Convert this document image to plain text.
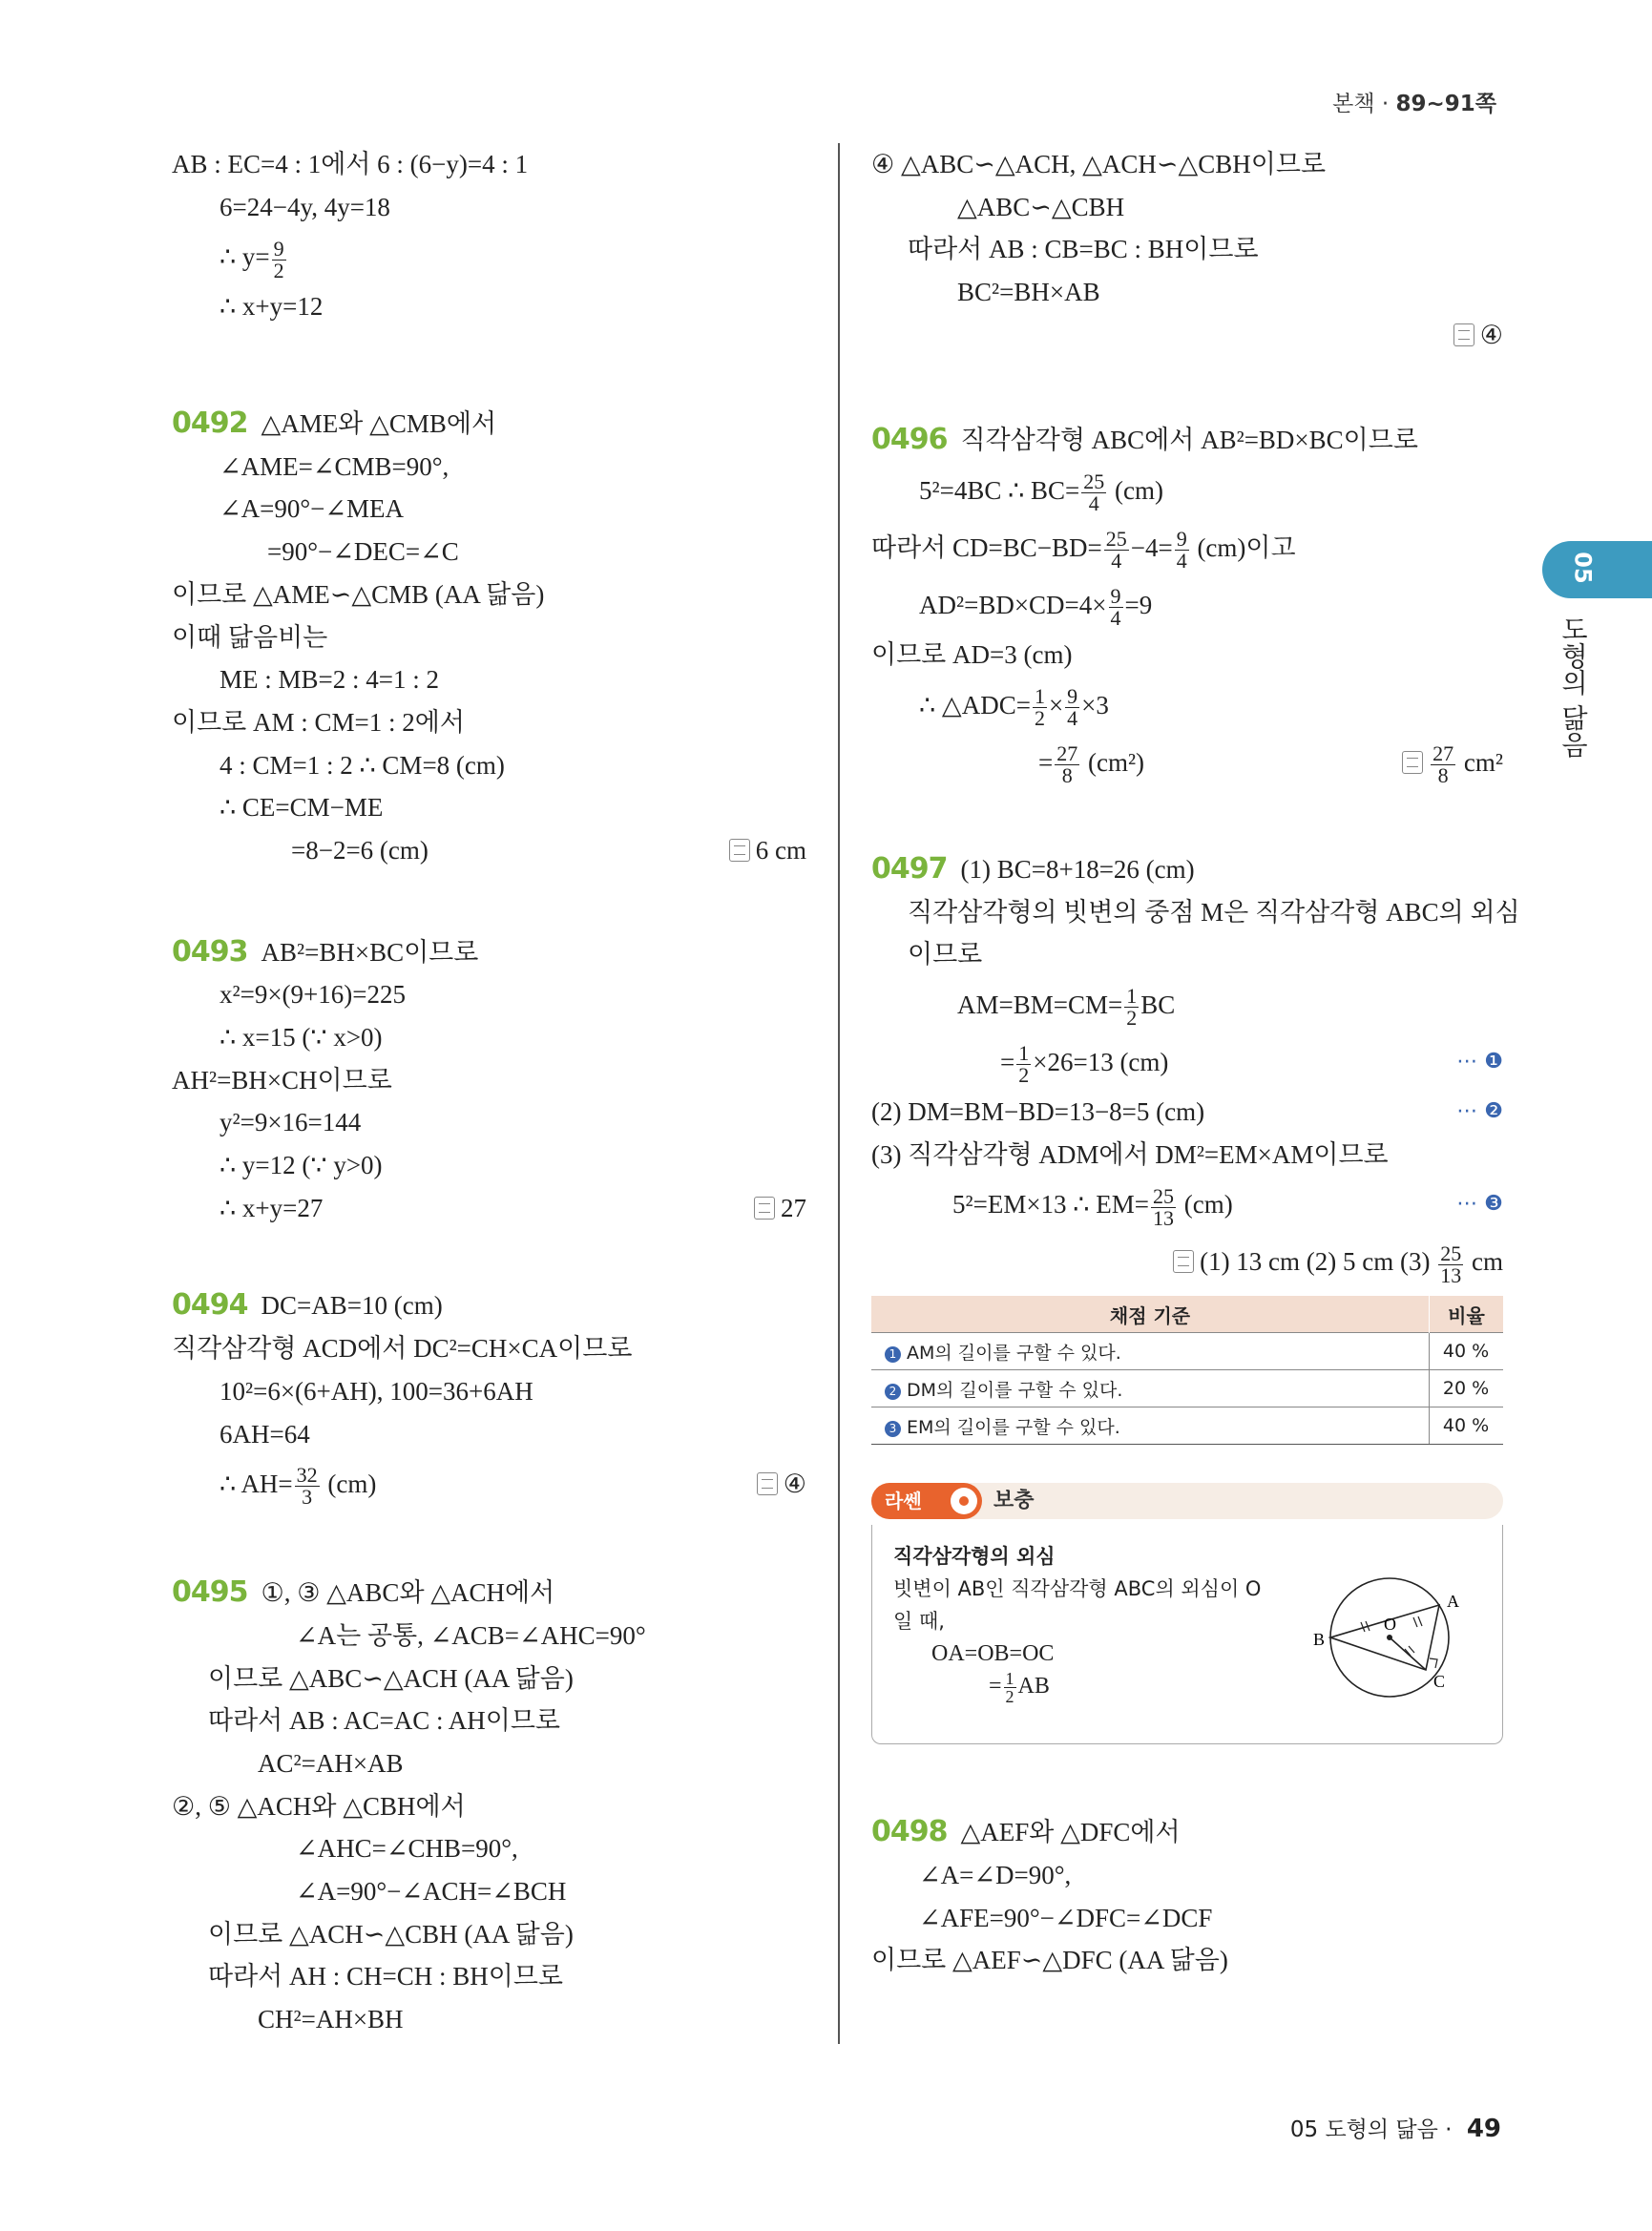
본책 · 89~91쪽
05
도형의 닮음
AB : EC=4 : 1에서 6 : (6−y)=4 : 1
6=24−4y, 4y=18
∴ $y= \frac{9}{2}$
∴ x+y=12
0492 △AME와 △CMB에서
∠AME=∠CMB=90°,
∠A=90°−∠MEA
=90°−∠DEC=∠C
이므로 △AME∽△CMB (AA 닮음)
이때 닮음비는
ME : MB=2 : 4=1 : 2
이므로 AM : CM=1 : 2에서
4 : CM=1 : 2 ∴ CM=8 (cm)
∴ CE=CM−ME
=8−2=6 (cm)	6 cm
0493 AB²=BH×BC이므로
x²=9×(9+16)=225
∴ x=15 (∵ x>0)
AH²=BH×CH이므로
y²=9×16=144
∴ y=12 (∵ y>0)
∴ x+y=27	27
0494 DC=AB=10 (cm)
직각삼각형 ACD에서 DC²=CH×CA이므로
10²=6×(6+AH), 100=36+6AH
6AH=64
∴ $AH= \frac{32}{3} (cm)$	④
0495 ①, ③ △ABC와 △ACH에서
∠A는 공통, ∠ACB=∠AHC=90°
이므로 △ABC∽△ACH (AA 닮음)
따라서 AB : AC=AC : AH이므로
AC²=AH×AB
②, ⑤ △ACH와 △CBH에서
∠AHC=∠CHB=90°,
∠A=90°−∠ACH=∠BCH
이므로 △ACH∽△CBH (AA 닮음)
따라서 AH : CH=CH : BH이므로
CH²=AH×BH
④ △ABC∽△ACH, △ACH∽△CBH이므로
△ABC∽△CBH
따라서 AB : CB=BC : BH이므로
BC²=BH×AB
④
0496 직각삼각형 ABC에서 AB²=BD×BC이므로
5²=4BC ∴ $BC= \frac{25}{4} (cm)$
따라서 $CD=BC-BD= \frac{25}{4} -4= \frac{9}{4} (cm)$이고
$AD^2=BD\times CD=4\times \frac{9}{4} =9$
이므로 AD=3 (cm)
∴ △ADC= $\frac{1}{2} \times \frac{9}{4} \times 3$
= $\frac{27}{8} (cm^2)$	$\frac{27}{8} cm^2$
0497 (1) BC=8+18=26 (cm)
직각삼각형의 빗변의 중점 M은 직각삼각형 ABC의 외심
이므로
$AM=BM=CM= \frac{1}{2}$ BC
= $\frac{1}{2} \times 26=13$ (cm)	⋯ ❶
(2) DM=BM−BD=13−8=5 (cm)	⋯ ❷
(3) 직각삼각형 ADM에서 DM²=EM×AM이므로
5²=EM×13 ∴ $EM= \frac{25}{13} (cm)$	⋯ ❸
(1) 13 cm (2) 5 cm $(3) \frac{25}{13}$ cm
채점 기준	비율
1 AM의 길이를 구할 수 있다.	40 %
2 DM의 길이를 구할 수 있다.	20 %
3 EM의 길이를 구할 수 있다.	40 %
라쎈	보충
직각삼각형의 외심
빗변이 AB인 직각삼각형 ABC의 외심이 O
일 때,
OA=OB=OC
= $\frac{1}{2}$ AB
A
B
C
O
0498 △AEF와 △DFC에서
∠A=∠D=90°,
∠AFE=90°−∠DFC=∠DCF
이므로 △AEF∽△DFC (AA 닮음)
05 도형의 닮음 · 49
